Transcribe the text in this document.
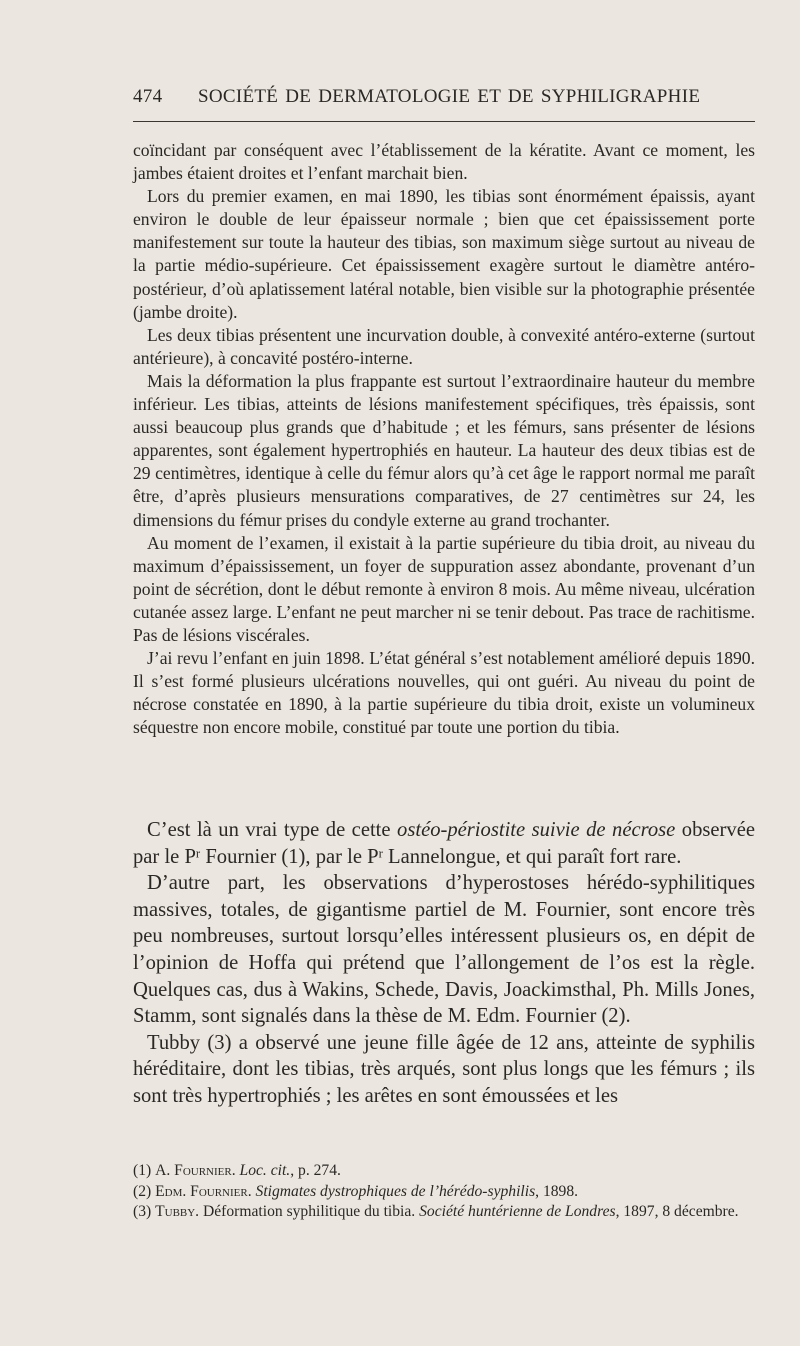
474 SOCIÉTÉ DE DERMATOLOGIE ET DE SYPHILIGRAPHIE

coïncidant par conséquent avec l’établissement de la kératite. Avant ce moment, les jambes étaient droites et l’enfant marchait bien.

Lors du premier examen, en mai 1890, les tibias sont énormément épaissis, ayant environ le double de leur épaisseur normale ; bien que cet épaississement porte manifestement sur toute la hauteur des tibias, son maximum siège surtout au niveau de la partie médio-supérieure. Cet épaississement exagère surtout le diamètre antéro-postérieur, d’où aplatissement latéral notable, bien visible sur la photographie présentée (jambe droite).

Les deux tibias présentent une incurvation double, à convexité antéro-externe (surtout antérieure), à concavité postéro-interne.

Mais la déformation la plus frappante est surtout l’extraordinaire hauteur du membre inférieur. Les tibias, atteints de lésions manifestement spécifiques, très épaissis, sont aussi beaucoup plus grands que d’habitude ; et les fémurs, sans présenter de lésions apparentes, sont également hypertrophiés en hauteur. La hauteur des deux tibias est de 29 centimètres, identique à celle du fémur alors qu’à cet âge le rapport normal me paraît être, d’après plusieurs mensurations comparatives, de 27 centimètres sur 24, les dimensions du fémur prises du condyle externe au grand trochanter.

Au moment de l’examen, il existait à la partie supérieure du tibia droit, au niveau du maximum d’épaississement, un foyer de suppuration assez abondante, provenant d’un point de sécrétion, dont le début remonte à environ 8 mois. Au même niveau, ulcération cutanée assez large. L’enfant ne peut marcher ni se tenir debout. Pas trace de rachitisme. Pas de lésions viscérales.

J’ai revu l’enfant en juin 1898. L’état général s’est notablement amélioré depuis 1890. Il s’est formé plusieurs ulcérations nouvelles, qui ont guéri. Au niveau du point de nécrose constatée en 1890, à la partie supérieure du tibia droit, existe un volumineux séquestre non encore mobile, constitué par toute une portion du tibia.

C’est là un vrai type de cette ostéo-périostite suivie de nécrose observée par le $P^r$ Fournier (1), par le $P^r$ Lannelongue, et qui paraît fort rare.

D’autre part, les observations d’hyperostoses hérédo-syphilitiques massives, totales, de gigantisme partiel de M. Fournier, sont encore très peu nombreuses, surtout lorsqu’elles intéressent plusieurs os, en dépit de l’opinion de Hoffa qui prétend que l’allongement de l’os est la règle. Quelques cas, dus à Wakins, Schede, Davis, Joackimsthal, Ph. Mills Jones, Stamm, sont signalés dans la thèse de M. Edm. Fournier (2).

Tubby (3) a observé une jeune fille âgée de 12 ans, atteinte de syphilis héréditaire, dont les tibias, très arqués, sont plus longs que les fémurs ; ils sont très hypertrophiés ; les arêtes en sont émoussées et les

(1) A. Fournier. Loc. cit., p. 274.

(2) Edm. Fournier. Stigmates dystrophiques de l’hérédo-syphilis, 1898.

(3) Tubby. Déformation syphilitique du tibia. Société huntérienne de Londres, 1897, 8 décembre.
